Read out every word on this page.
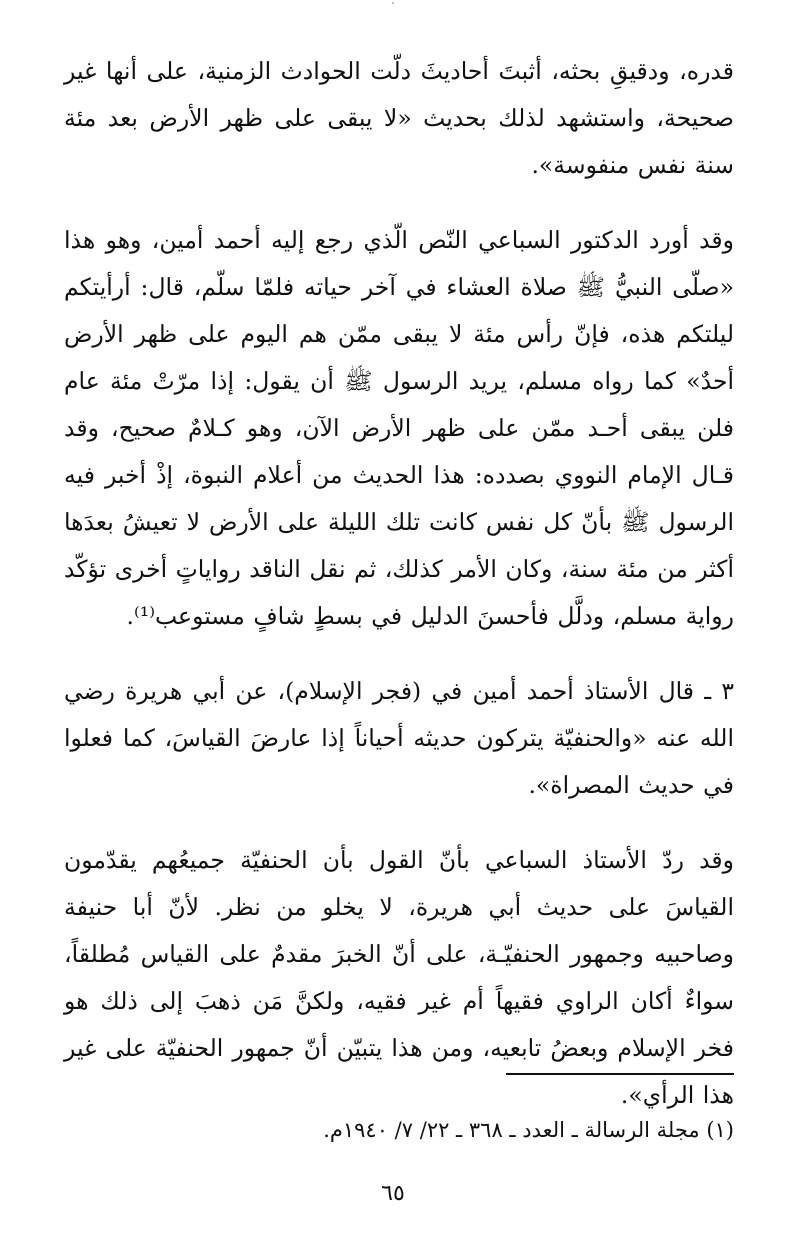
قدره، ودقيقِ بحثه، أثبتَ أحاديثَ دلّت الحوادث الزمنية، على أنها غير صحيحة، واستشهد لذلك بحديث «لا يبقى على ظهر الأرض بعد مئة سنة نفس منفوسة».

وقد أورد الدكتور السباعي النّص الّذي رجع إليه أحمد أمين، وهو هذا «صلّى النبيُّ ﷺ صلاة العشاء في آخر حياته فلمّا سلّم، قال: أرأيتكم ليلتكم هذه، فإنّ رأس مئة لا يبقى ممّن هم اليوم على ظهر الأرض أحدٌ» كما رواه مسلم، يريد الرسول ﷺ أن يقول: إذا مرّتْ مئة عام فلن يبقى أحـد ممّن على ظهر الأرض الآن، وهو كـلامٌ صحيح، وقد قـال الإمام النووي بصدده: هذا الحديث من أعلام النبوة، إذْ أخبر فيه الرسول ﷺ بأنّ كل نفس كانت تلك الليلة على الأرض لا تعيشُ بعدَها أكثر من مئة سنة، وكان الأمر كذلك، ثم نقل الناقد رواياتٍ أخرى تؤكّد رواية مسلم، ودلَّل فأحسنَ الدليل في بسطٍ شافٍ مستوعب⁽¹⁾.

٣ ـ قال الأستاذ أحمد أمين في (فجر الإسلام)، عن أبي هريرة رضي الله عنه «والحنفيّة يتركون حديثه أحياناً إذا عارضَ القياسَ، كما فعلوا في حديث المصراة».

وقد ردّ الأستاذ السباعي بأنّ القول بأن الحنفيّة جميعُهم يقدّمون القياسَ على حديث أبي هريرة، لا يخلو من نظر. لأنّ أبا حنيفة وصاحبيه وجمهور الحنفيّـة، على أنّ الخبرَ مقدمٌ على القياس مُطلقاً، سواءٌ أكان الراوي فقيهاً أم غير فقيه، ولكنَّ مَن ذهبَ إلى ذلك هو فخر الإسلام وبعضُ تابعيه، ومن هذا يتبيّن أنّ جمهور الحنفيّة على غير هذا الرأي».

(١) مجلة الرسالة ـ العدد ـ ٣٦٨ ـ ٢٢/ ٧/ ١٩٤٠م.
٦٥
